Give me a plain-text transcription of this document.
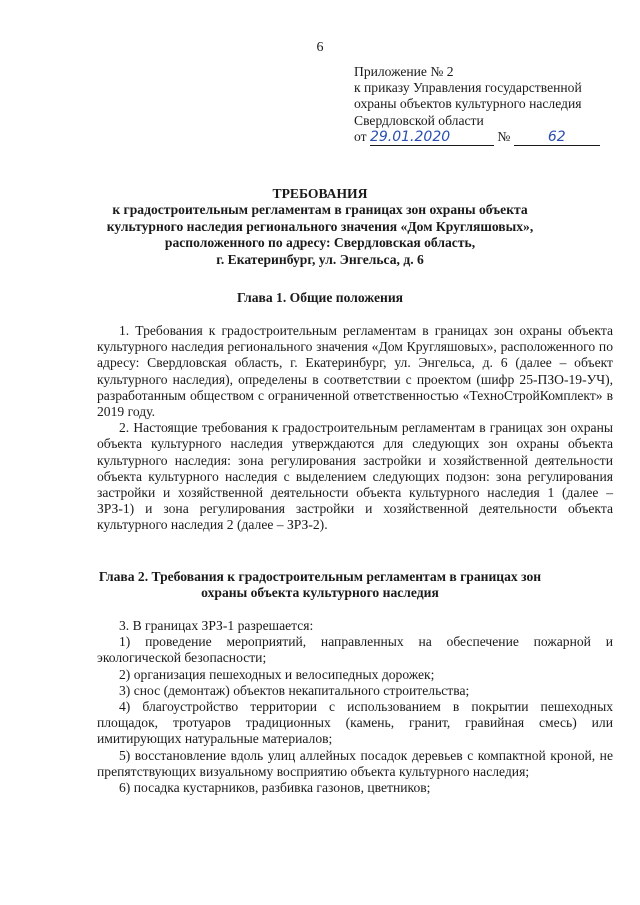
6
Приложение № 2
к приказу Управления государственной
охраны объектов культурного наследия
Свердловской области
от 29.01.2020	№	62
ТРЕБОВАНИЯ
к градостроительным регламентам в границах зон охраны объекта
культурного наследия регионального значения «Дом Кругляшовых»,
расположенного по адресу: Свердловская область,
г. Екатеринбург, ул. Энгельса, д. 6
Глава 1. Общие положения

1. Требования к градостроительным регламентам в границах зон охраны объекта культурного наследия регионального значения «Дом Кругляшовых», расположенного по адресу: Свердловская область, г. Екатеринбург, ул. Энгельса, д. 6 (далее – объект культурного наследия), определены в соответствии с проектом (шифр 25-ПЗО-19-УЧ), разработанным обществом с ограниченной ответственностью «ТехноСтройКомплект» в 2019 году.

2. Настоящие требования к градостроительным регламентам в границах зон охраны объекта культурного наследия утверждаются для следующих зон охраны объекта культурного наследия: зона регулирования застройки и хозяйственной деятельности объекта культурного наследия с выделением следующих подзон: зона регулирования застройки и хозяйственной деятельности объекта культурного наследия 1 (далее – ЗРЗ-1) и зона регулирования застройки и хозяйственной деятельности объекта культурного наследия 2 (далее – ЗРЗ-2).

Глава 2. Требования к градостроительным регламентам в границах зон
охраны объекта культурного наследия

3. В границах ЗРЗ-1 разрешается:

1) проведение мероприятий, направленных на обеспечение пожарной и экологической безопасности;

2) организация пешеходных и велосипедных дорожек;

3) снос (демонтаж) объектов некапитального строительства;

4) благоустройство территории с использованием в покрытии пешеходных площадок, тротуаров традиционных (камень, гранит, гравийная смесь) или имитирующих натуральные материалов;

5) восстановление вдоль улиц аллейных посадок деревьев с компактной кроной, не препятствующих визуальному восприятию объекта культурного наследия;

6) посадка кустарников, разбивка газонов, цветников;
